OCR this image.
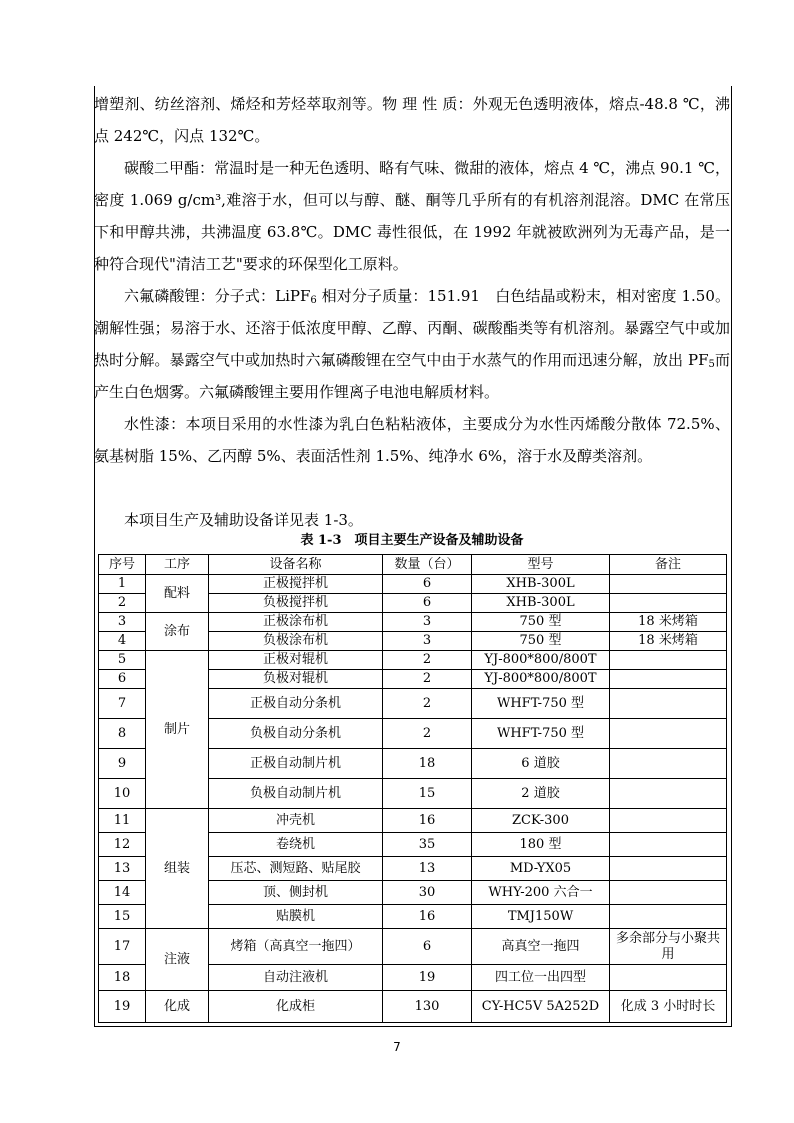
增塑剂、纺丝溶剂、烯烃和芳烃萃取剂等。物 理 性 质：外观无色透明液体，熔点-48.8 ℃，沸点 242℃，闪点 132℃。

碳酸二甲酯：常温时是一种无色透明、略有气味、微甜的液体，熔点 4 ℃，沸点 90.1 ℃，密度 1.069 g/cm³,难溶于水，但可以与醇、醚、酮等几乎所有的有机溶剂混溶。DMC 在常压下和甲醇共沸，共沸温度 63.8℃。DMC 毒性很低，在 1992 年就被欧洲列为无毒产品，是一种符合现代"清洁工艺"要求的环保型化工原料。

六氟磷酸锂：分子式：LiPF$_6$ 相对分子质量：151.91　白色结晶或粉末，相对密度 1.50。潮解性强；易溶于水、还溶于低浓度甲醇、乙醇、丙酮、碳酸酯类等有机溶剂。暴露空气中或加热时分解。暴露空气中或加热时六氟磷酸锂在空气中由于水蒸气的作用而迅速分解，放出 $PF_5$而产生白色烟雾。六氟磷酸锂主要用作锂离子电池电解质材料。

水性漆：本项目采用的水性漆为乳白色粘粘液体，主要成分为水性丙烯酸分散体 72.5%、氨基树脂 15%、乙丙醇 5%、表面活性剂 1.5%、纯净水 6%，溶于水及醇类溶剂。

本项目生产及辅助设备详见表 1-3。

表 1-3　项目主要生产设备及辅助设备
序号	工序	设备名称	数量（台）	型号	备注
1	配料	正极搅拌机	6	XHB-300L	
2		负极搅拌机	6	XHB-300L	
3	涂布	正极涂布机	3	750 型	18 米烤箱
4		负极涂布机	3	750 型	18 米烤箱
5	制片	正极对辊机	2	YJ-800*800/800T	
6		负极对辊机	2	YJ-800*800/800T	
7		正极自动分条机	2	WHFT-750 型	
8		负极自动分条机	2	WHFT-750 型	
9		正极自动制片机	18	6 道胶	
10		负极自动制片机	15	2 道胶	
11	组装	冲壳机	16	ZCK-300	
12		卷绕机	35	180 型	
13		压芯、测短路、贴尾胶	13	MD-YX05	
14		顶、侧封机	30	WHY-200 六合一	
15		贴膜机	16	TMJ150W	
17	注液	烤箱（高真空一拖四）	6	高真空一拖四	多余部分与小聚共用
18		自动注液机	19	四工位一出四型	
19	化成	化成柜	130	CY-HC5V 5A252D	化成 3 小时时长
7
